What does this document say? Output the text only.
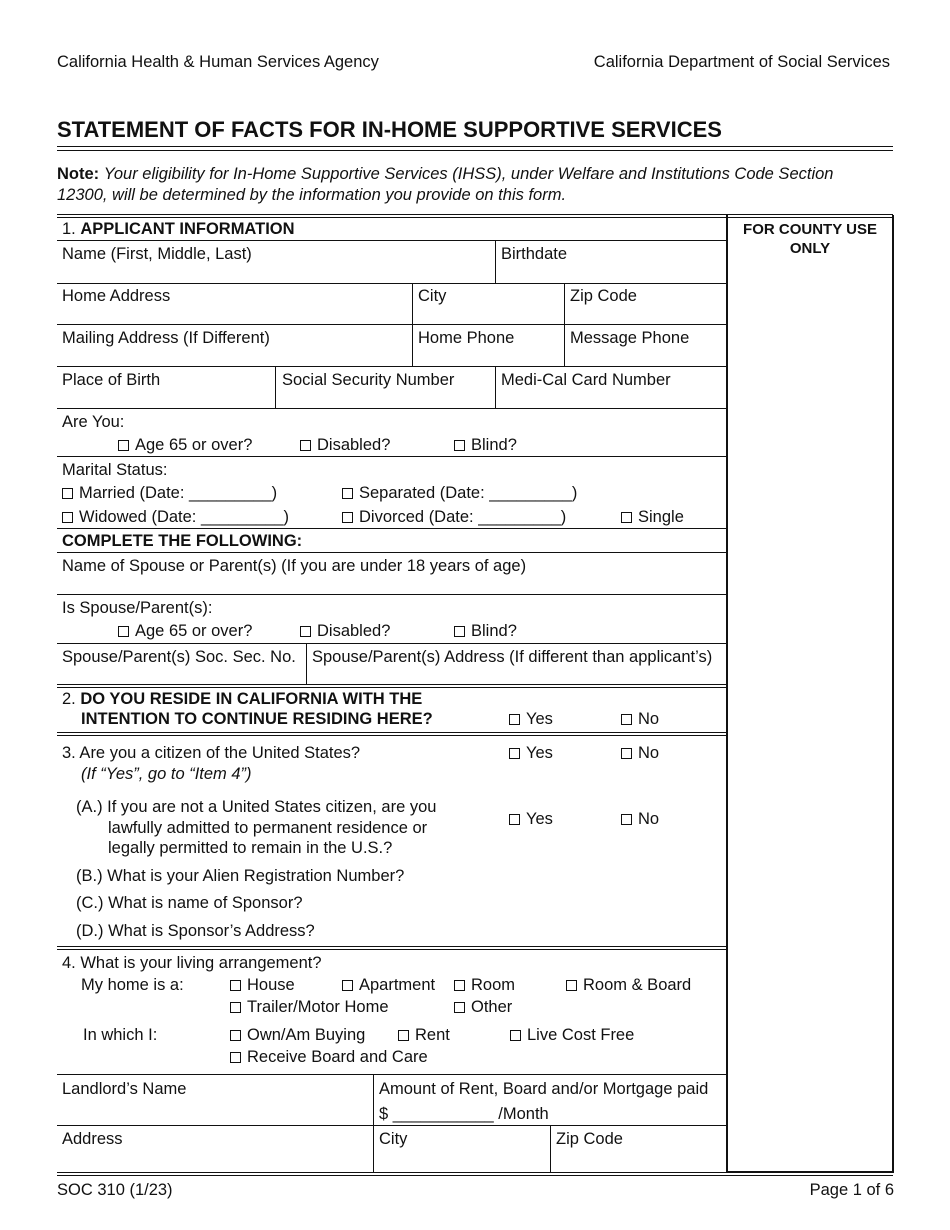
California Health & Human Services Agency	California Department of Social Services
STATEMENT OF FACTS FOR IN-HOME SUPPORTIVE SERVICES
Note: Your eligibility for In-Home Supportive Services (IHSS), under Welfare and Institutions Code Section
12300, will be determined by the information you provide on this form.
FOR COUNTY USE
ONLY
1. APPLICANT INFORMATION
Name (First, Middle, Last)	Birthdate
Home Address	City	Zip Code
Mailing Address (If Different)	Home Phone	Message Phone
Place of Birth	Social Security Number	Medi-Cal Card Number
Are You:
Age 65 or over?	Disabled?	Blind?
Marital Status:
Married (Date: _________)	Separated (Date: _________)
Widowed (Date: _________)	Divorced (Date: _________)	Single
COMPLETE THE FOLLOWING:
Name of Spouse or Parent(s) (If you are under 18 years of age)
Is Spouse/Parent(s):
Age 65 or over?	Disabled?	Blind?
Spouse/Parent(s) Soc. Sec. No. Spouse/Parent(s) Address (If different than applicant’s)
2. DO YOU RESIDE IN CALIFORNIA WITH THE
INTENTION TO CONTINUE RESIDING HERE?	Yes	No
3. Are you a citizen of the United States?	Yes	No
(If “Yes”, go to “Item 4”)
(A.) If you are not a United States citizen, are you
lawfully admitted to permanent residence or
legally permitted to remain in the U.S.?
Yes	No
(B.) What is your Alien Registration Number?
(C.) What is name of Sponsor?
(D.) What is Sponsor’s Address?
4. What is your living arrangement?
My home is a:	House	Apartment	Room	Room & Board
Trailer/Motor Home	Other
In which I:	Own/Am Buying	Rent	Live Cost Free
Receive Board and Care
Landlord’s Name	Amount of Rent, Board and/or Mortgage paid
$ ___________ /Month
Address	City	Zip Code
SOC 310 (1/23)	Page 1 of 6
